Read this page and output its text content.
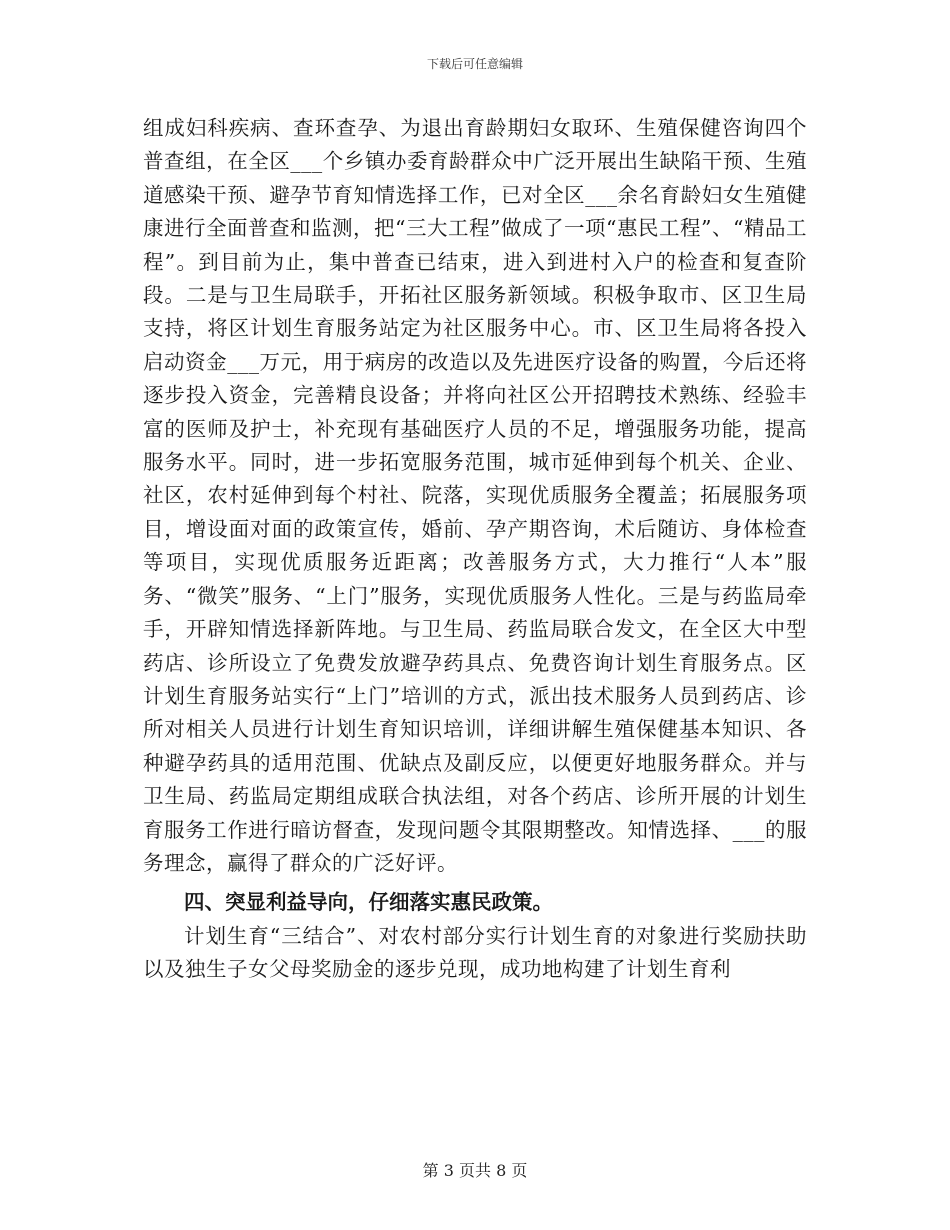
下载后可任意编辑

组成妇科疾病、查环查孕、为退出育龄期妇女取环、生殖保健咨询四个普查组，在全区___个乡镇办委育龄群众中广泛开展出生缺陷干预、生殖道感染干预、避孕节育知情选择工作，已对全区___余名育龄妇女生殖健康进行全面普查和监测，把“三大工程”做成了一项“惠民工程”、“精品工程”。到目前为止，集中普查已结束，进入到进村入户的检查和复查阶段。二是与卫生局联手，开拓社区服务新领域。积极争取市、区卫生局支持，将区计划生育服务站定为社区服务中心。市、区卫生局将各投入启动资金___万元，用于病房的改造以及先进医疗设备的购置，今后还将逐步投入资金，完善精良设备；并将向社区公开招聘技术熟练、经验丰富的医师及护士，补充现有基础医疗人员的不足，增强服务功能，提高服务水平。同时，进一步拓宽服务范围，城市延伸到每个机关、企业、社区，农村延伸到每个村社、院落，实现优质服务全覆盖；拓展服务项目，增设面对面的政策宣传，婚前、孕产期咨询，术后随访、身体检查等项目，实现优质服务近距离；改善服务方式，大力推行“人本”服务、“微笑”服务、“上门”服务，实现优质服务人性化。三是与药监局牵手，开辟知情选择新阵地。与卫生局、药监局联合发文，在全区大中型药店、诊所设立了免费发放避孕药具点、免费咨询计划生育服务点。区计划生育服务站实行“上门”培训的方式，派出技术服务人员到药店、诊所对相关人员进行计划生育知识培训，详细讲解生殖保健基本知识、各种避孕药具的适用范围、优缺点及副反应，以便更好地服务群众。并与卫生局、药监局定期组成联合执法组，对各个药店、诊所开展的计划生育服务工作进行暗访督查，发现问题令其限期整改。知情选择、___的服务理念，赢得了群众的广泛好评。

四、突显利益导向，仔细落实惠民政策。

计划生育“三结合”、对农村部分实行计划生育的对象进行奖励扶助以及独生子女父母奖励金的逐步兑现，成功地构建了计划生育利

第 3 页共 8 页
